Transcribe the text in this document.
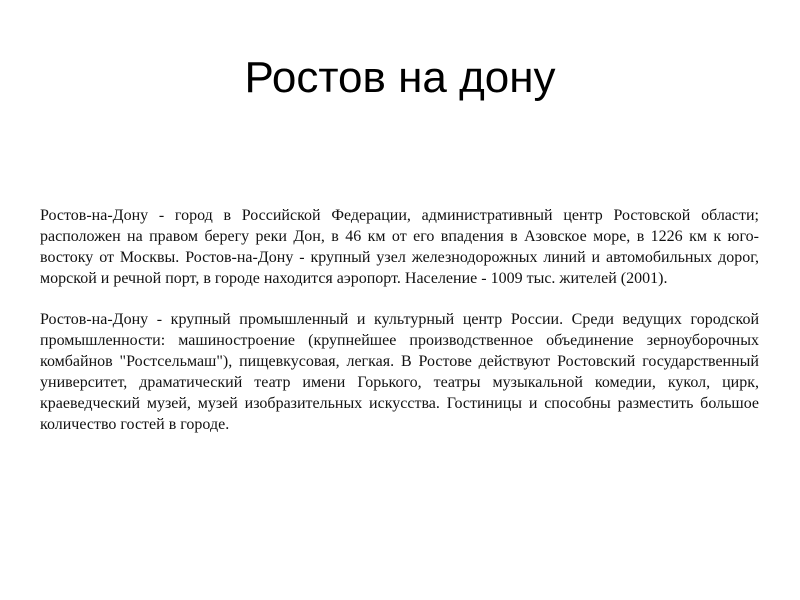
Ростов на дону

Ростов-на-Дону - город в Российской Федерации, административный центр Ростовской области; расположен на правом берегу реки Дон, в 46 км от его впадения в Азовское море, в 1226 км к юго-востоку от Москвы. Ростов-на-Дону - крупный узел железнодорожных линий и автомобильных дорог, морской и речной порт, в городе находится аэропорт. Население - 1009 тыс. жителей (2001).

Ростов-на-Дону - крупный промышленный и культурный центр России. Среди ведущих городской промышленности: машиностроение (крупнейшее производственное объединение зерноуборочных комбайнов "Ростсельмаш"), пищевкусовая, легкая. В Ростове действуют Ростовский государственный университет, драматический театр имени Горького, театры музыкальной комедии, кукол, цирк, краеведческий музей, музей изобразительных искусства. Гостиницы и способны разместить большое количество гостей в городе.
